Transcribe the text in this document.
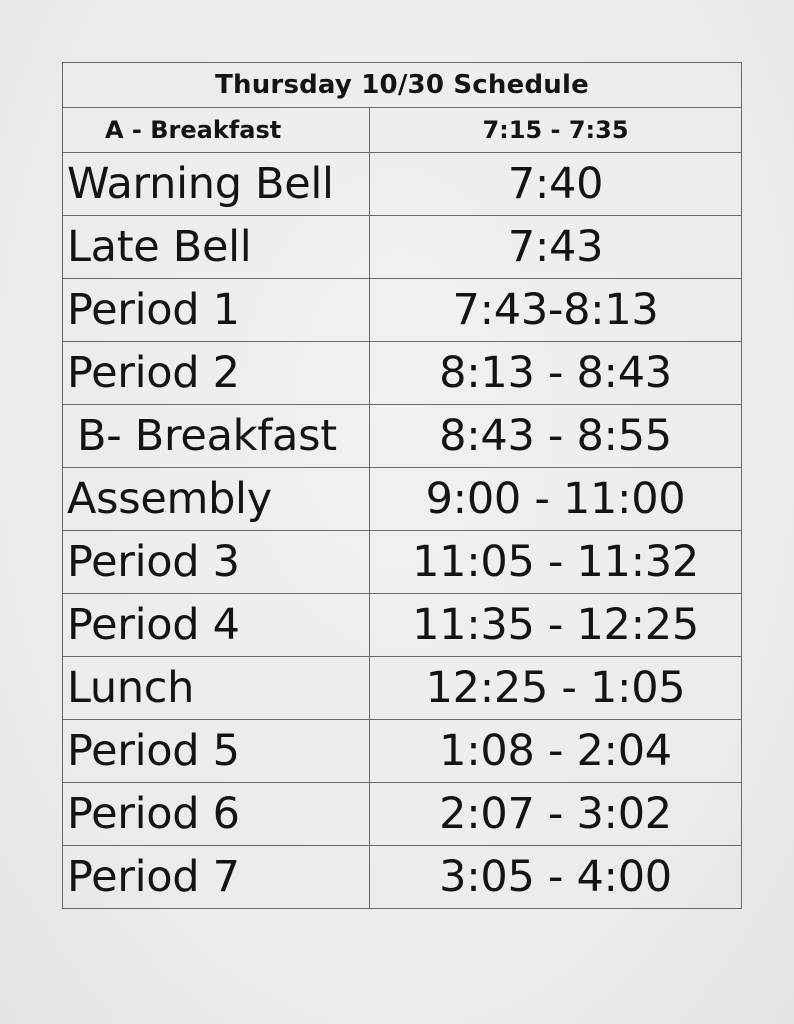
Thursday 10/30 Schedule	
A - Breakfast	7:15 - 7:35
Warning Bell	7:40
Late Bell	7:43
Period 1	7:43-8:13
Period 2	8:13 - 8:43
B- Breakfast	8:43 - 8:55
Assembly	9:00 - 11:00
Period 3	11:05 - 11:32
Period 4	11:35 - 12:25
Lunch	12:25 - 1:05
Period 5	1:08 - 2:04
Period 6	2:07 - 3:02
Period 7	3:05 - 4:00
